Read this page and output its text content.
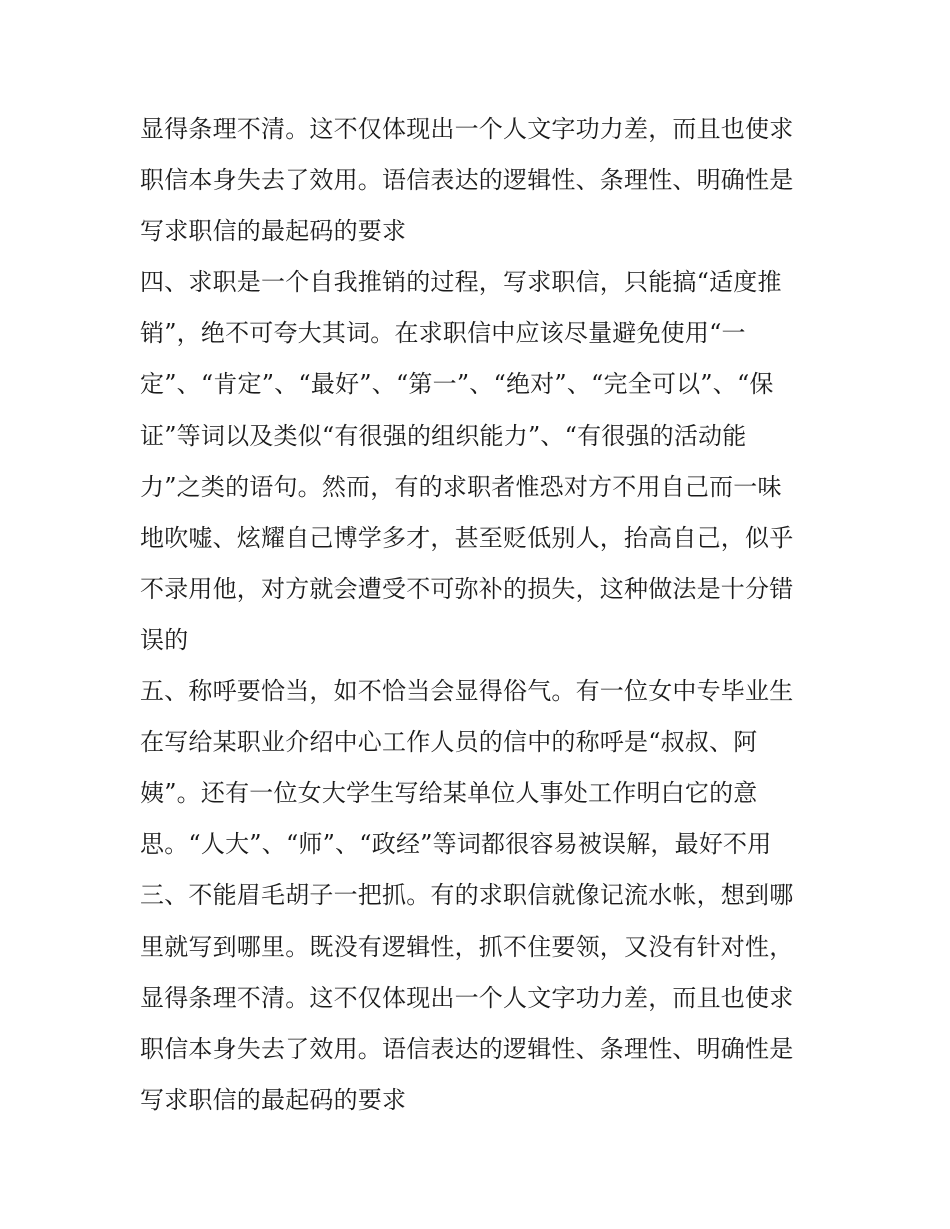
显得条理不清。这不仅体现出一个人文字功力差，而且也使求
职信本身失去了效用。语信表达的逻辑性、条理性、明确性是
写求职信的最起码的要求
四、求职是一个自我推销的过程，写求职信，只能搞“适度推
销”，绝不可夸大其词。在求职信中应该尽量避免使用“一
定”、“肯定”、“最好”、“第一”、“绝对”、“完全可以”、“保
证”等词以及类似“有很强的组织能力”、“有很强的活动能
力”之类的语句。然而，有的求职者惟恐对方不用自己而一味
地吹嘘、炫耀自己博学多才，甚至贬低别人，抬高自己，似乎
不录用他，对方就会遭受不可弥补的损失，这种做法是十分错
误的
五、称呼要恰当，如不恰当会显得俗气。有一位女中专毕业生
在写给某职业介绍中心工作人员的信中的称呼是“叔叔、阿
姨”。还有一位女大学生写给某单位人事处工作明白它的意
思。“人大”、“师”、“政经”等词都很容易被误解，最好不用
三、不能眉毛胡子一把抓。有的求职信就像记流水帐，想到哪
里就写到哪里。既没有逻辑性，抓不住要领，又没有针对性，
显得条理不清。这不仅体现出一个人文字功力差，而且也使求
职信本身失去了效用。语信表达的逻辑性、条理性、明确性是
写求职信的最起码的要求
